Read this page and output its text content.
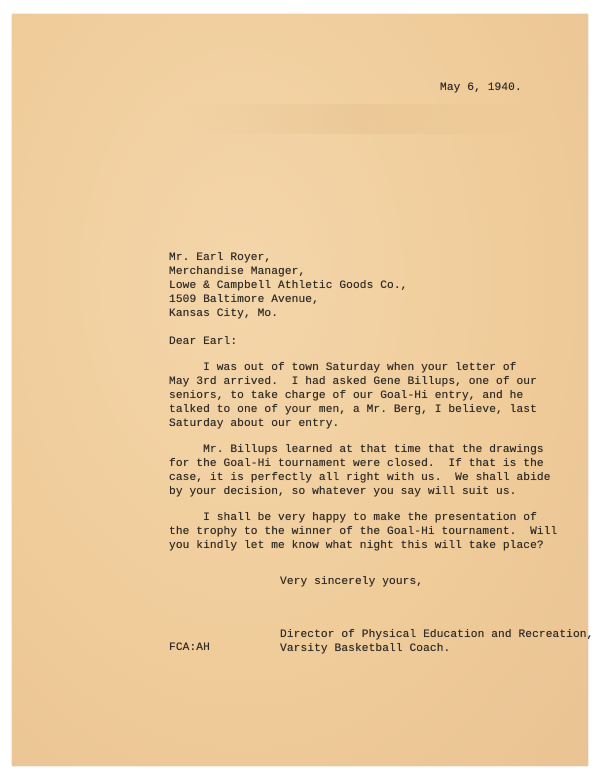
May 6, 1940.
Mr. Earl Royer,
Merchandise Manager,
Lowe & Campbell Athletic Goods Co.,
1509 Baltimore Avenue,
Kansas City, Mo.
Dear Earl:
I was out of town Saturday when your letter of
May 3rd arrived.  I had asked Gene Billups, one of our
seniors, to take charge of our Goal-Hi entry, and he
talked to one of your men, a Mr. Berg, I believe, last
Saturday about our entry.
Mr. Billups learned at that time that the drawings
for the Goal-Hi tournament were closed.  If that is the
case, it is perfectly all right with us.  We shall abide
by your decision, so whatever you say will suit us.
I shall be very happy to make the presentation of
the trophy to the winner of the Goal-Hi tournament.  Will
you kindly let me know what night this will take place?
Very sincerely yours,
FCA:AH
Director of Physical Education and Recreation,
Varsity Basketball Coach.
